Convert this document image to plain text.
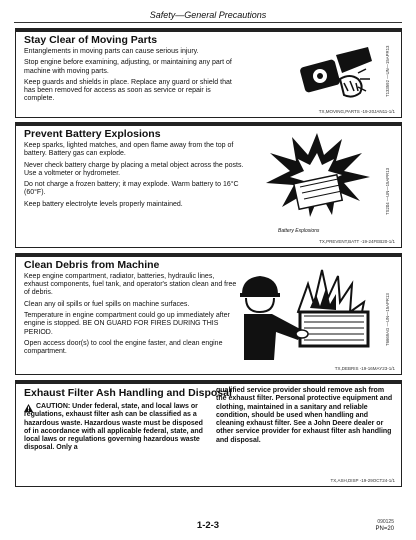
Safety—General Precautions
Stay Clear of Moving Parts

Entanglements in moving parts can cause serious injury.

Stop engine before examining, adjusting, or maintaining any part of machine with moving parts.

Keep guards and shields in place. Replace any guard or shield that has been removed for access as soon as service or repair is complete.

T133592 —UN—15APR13
TX,MOVING,PARTS -19-20JAN11-1/1
Prevent Battery Explosions

Keep sparks, lighted matches, and open flame away from the top of battery. Battery gas can explode.

Never check battery charge by placing a metal object across the posts. Use a voltmeter or hydrometer.

Do not charge a frozen battery; it may explode. Warm battery to 16°C (60°F).

Keep battery electrolyte levels properly maintained.

Battery Explosions
TS204 —UN—15APR13
TX,PREVENT,BATT -19-24FEB20-1/1
Clean Debris from Machine

Keep engine compartment, radiator, batteries, hydraulic lines, exhaust components, fuel tank, and operator's station clean and free of debris.

Clean any oil spills or fuel spills on machine surfaces.

Temperature in engine compartment could go up immediately after engine is stopped. BE ON GUARD FOR FIRES DURING THIS PERIOD.

Open access door(s) to cool the engine faster, and clean engine compartment.

T6669AG —UN—15APR13
TX,DEBRIS -19-16MAY23-1/1
Exhaust Filter Ash Handling and Disposal
CAUTION: Under federal, state, and local laws or regulations, exhaust filter ash can be classified as a hazardous waste. Hazardous waste must be disposed of in accordance with all applicable federal, state, and local laws or regulations governing hazardous waste disposal. Only a
qualified service provider should remove ash from the exhaust filter. Personal protective equipment and clothing, maintained in a sanitary and reliable condition, should be used when handling and cleaning exhaust filter. See a John Deere dealer or other service provider for exhaust filter ash handling and disposal.
TX,ASH,DISP -19-29OCT24-1/1
1-2-3	090125
PN=20
